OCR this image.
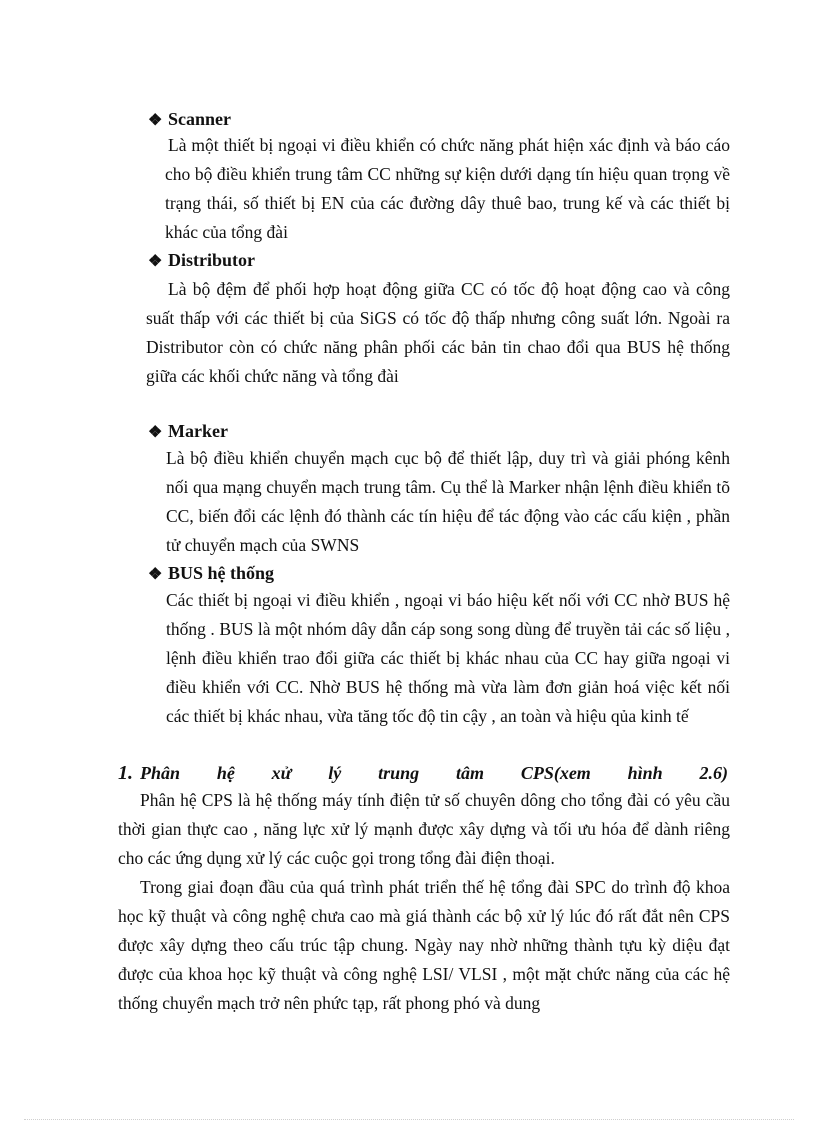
❖ Scanner

Là một thiết bị ngoại vi điều khiển có chức năng phát hiện xác định và báo cáo cho bộ điều khiển trung tâm CC những sự kiện dưới dạng tín hiệu quan trọng về trạng thái, số thiết bị EN của các đường dây thuê bao, trung kế và các thiết bị khác của tổng đài

❖ Distributor

Là bộ đệm để phối hợp hoạt động giữa CC có tốc độ hoạt động cao và công suất thấp với các thiết bị của SiGS có tốc độ thấp nhưng công suất lớn. Ngoài ra Distributor còn có chức năng phân phối các bản tin chao đổi qua BUS hệ thống giữa các khối chức năng và tổng đài

❖ Marker

Là bộ điều khiển chuyển mạch cục bộ để thiết lập, duy trì và giải phóng kênh nối qua mạng chuyển mạch trung tâm. Cụ thể là Marker nhận lệnh điều khiển tõ CC, biến đổi các lệnh đó thành các tín hiệu để tác động vào các cấu kiện , phần tử chuyển mạch của SWNS

❖ BUS hệ thống

Các thiết bị ngoại vi điều khiển , ngoại vi báo hiệu kết nối với CC nhờ BUS hệ thống . BUS là một nhóm dây dẫn cáp song song dùng để truyền tải các số liệu , lệnh điều khiển trao đổi giữa các thiết bị khác nhau của CC hay giữa ngoại vi điều khiển với CC. Nhờ BUS hệ thống mà vừa làm đơn giản hoá việc kết nối các thiết bị khác nhau, vừa tăng tốc độ tin cậy , an toàn và hiệu qủa kinh tế

1. Phân hệ xử lý trung tâm CPS(xem hình 2.6)

Phân hệ CPS là hệ thống máy tính điện tử số chuyên dông cho tổng đài có yêu cầu thời gian thực cao , năng lực xử lý mạnh được xây dựng và tối ưu hóa để dành riêng cho các ứng dụng xử lý các cuộc gọi trong tổng đài điện thoại.

Trong giai đoạn đầu của quá trình phát triển thế hệ tổng đài SPC do trình độ khoa học kỹ thuật và công nghệ chưa cao mà giá thành các bộ xử lý lúc đó rất đắt nên CPS được xây dựng theo cấu trúc tập chung. Ngày nay nhờ những thành tựu kỳ diệu đạt được của khoa học kỹ thuật và công nghệ LSI/ VLSI , một mặt chức năng của các hệ thống chuyển mạch trở nên phức tạp, rất phong phó và dung
